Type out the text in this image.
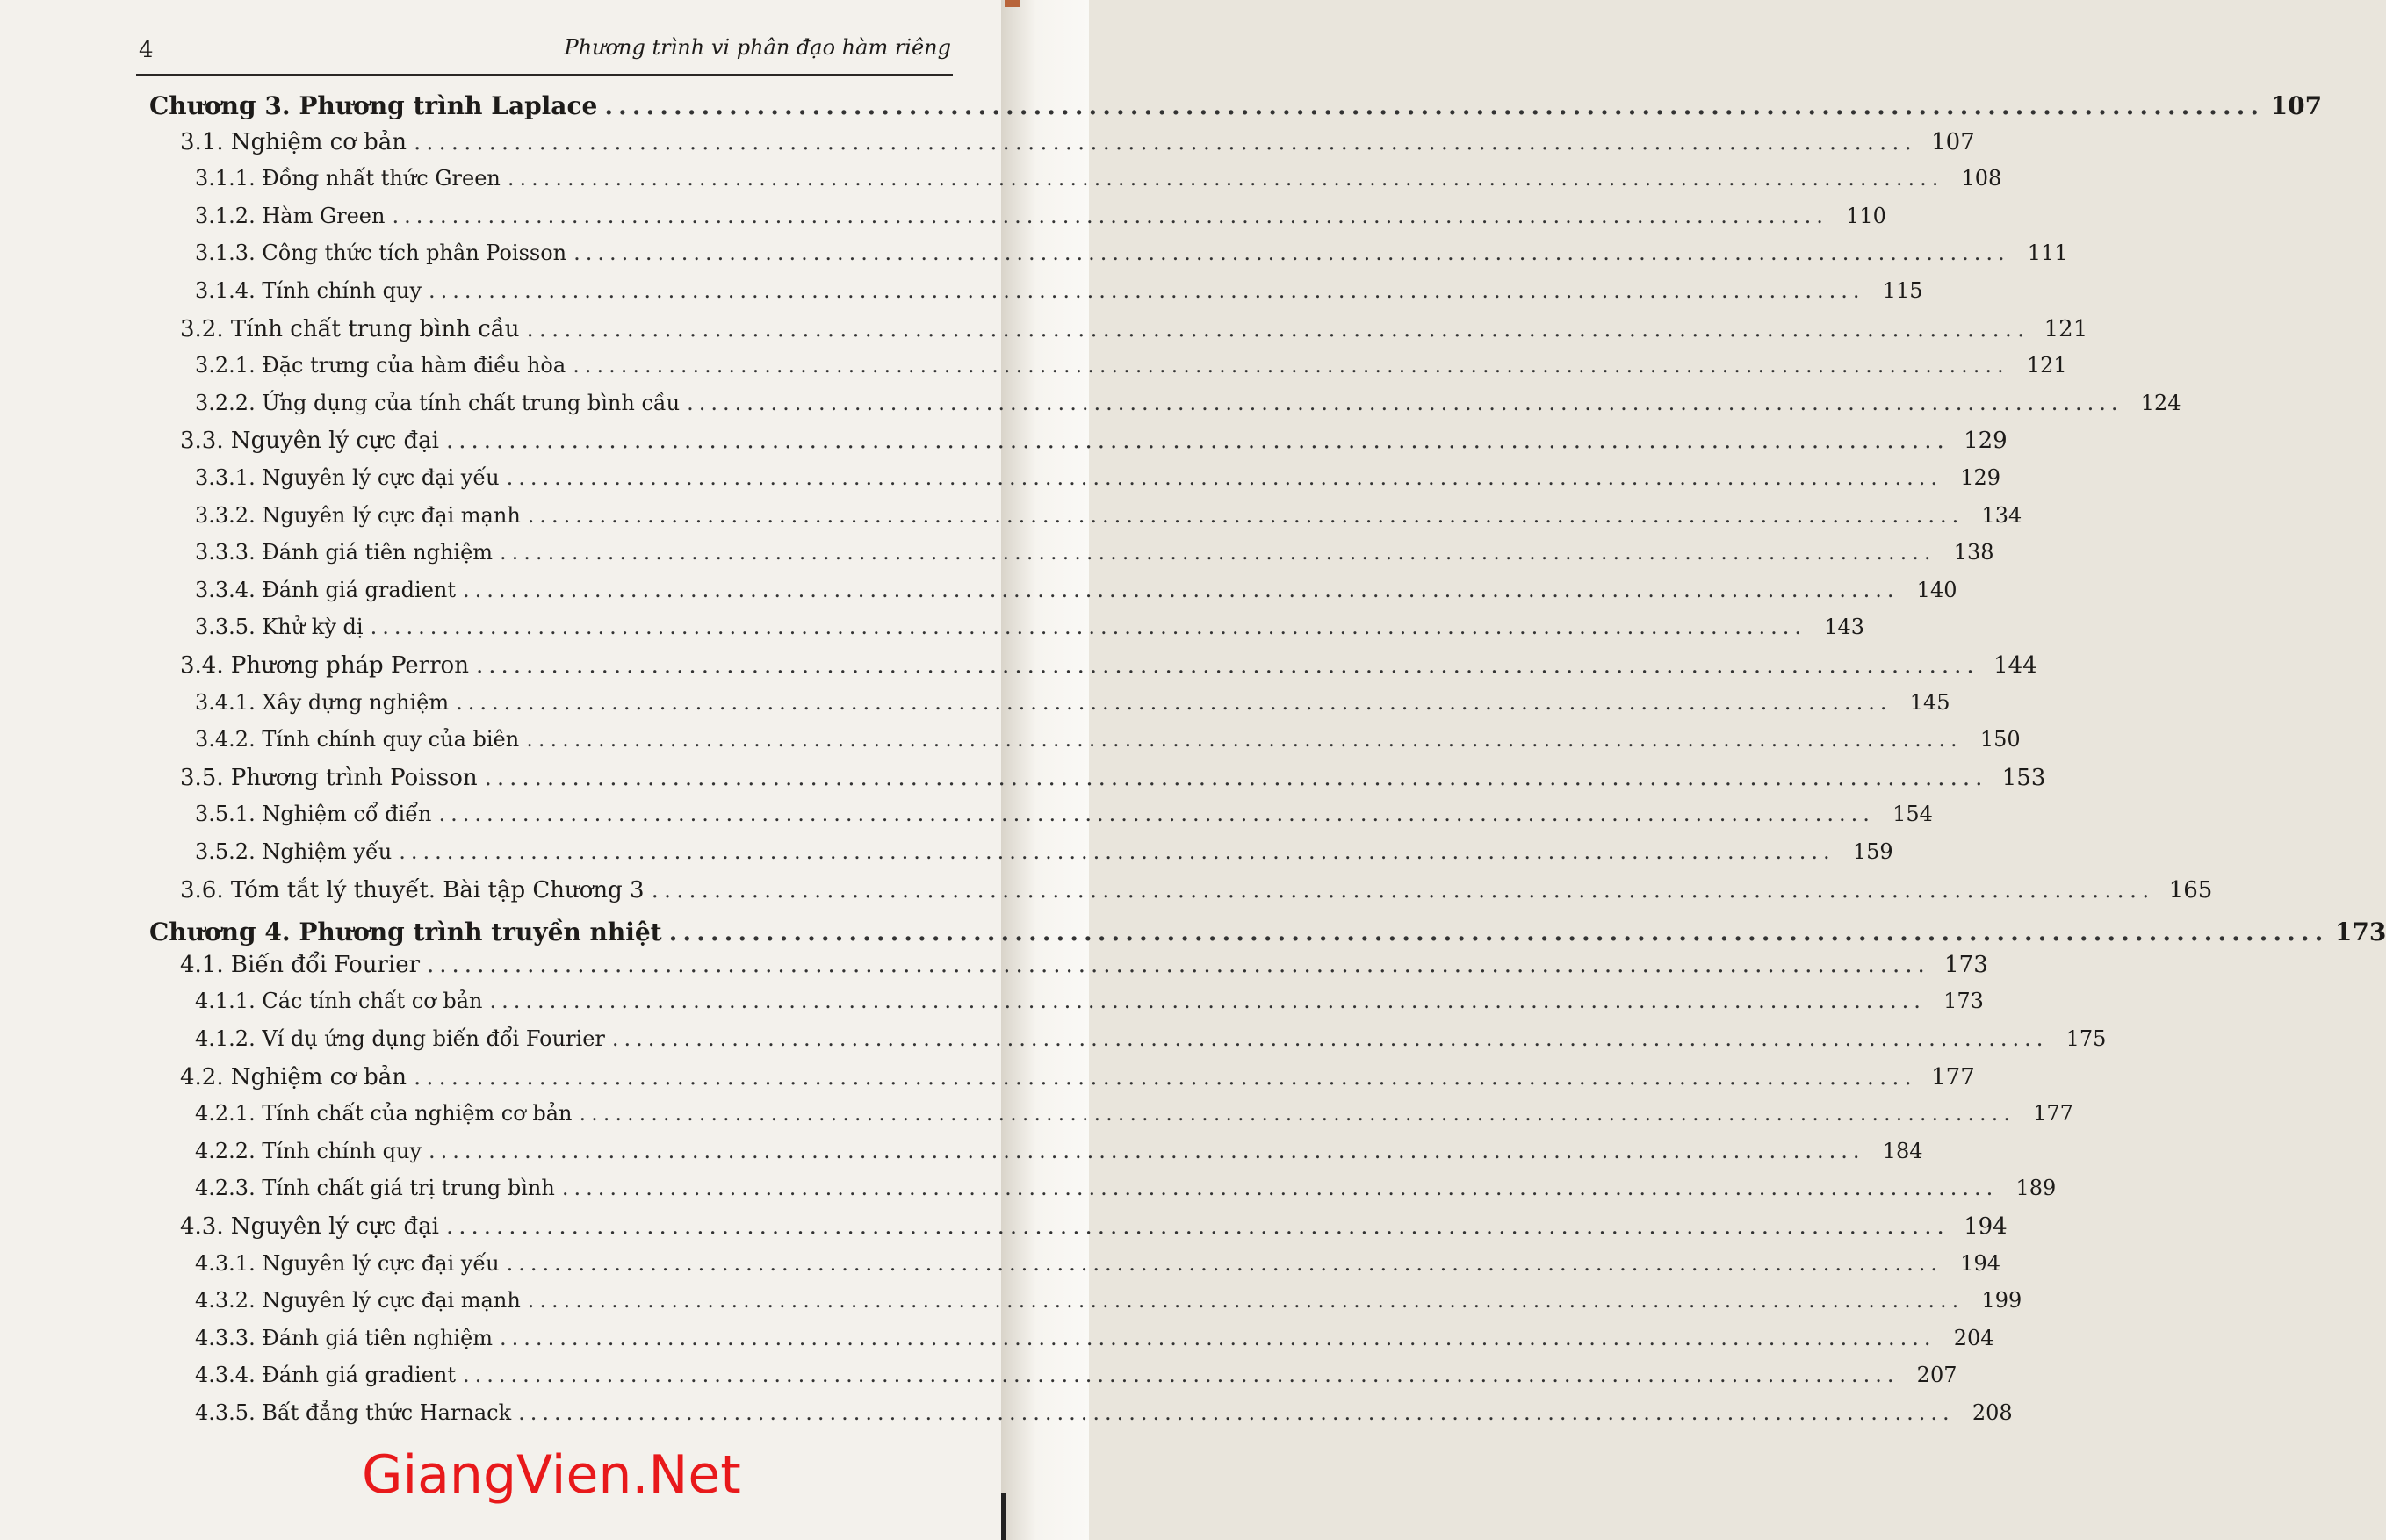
4	Phương trình vi phân đạo hàm riêng
Chương 3. Phương trình Laplace ........................................................................................................................ 107
3.1. Nghiệm cơ bản ........................................................................................................................ 107
3.1.1. Đồng nhất thức Green ........................................................................................................................ 108
3.1.2. Hàm Green ........................................................................................................................ 110
3.1.3. Công thức tích phân Poisson ........................................................................................................................ 111
3.1.4. Tính chính quy ........................................................................................................................ 115
3.2. Tính chất trung bình cầu ........................................................................................................................ 121
3.2.1. Đặc trưng của hàm điều hòa ........................................................................................................................ 121
3.2.2. Ứng dụng của tính chất trung bình cầu ........................................................................................................................ 124
3.3. Nguyên lý cực đại ........................................................................................................................ 129
3.3.1. Nguyên lý cực đại yếu ........................................................................................................................ 129
3.3.2. Nguyên lý cực đại mạnh ........................................................................................................................ 134
3.3.3. Đánh giá tiên nghiệm ........................................................................................................................ 138
3.3.4. Đánh giá gradient ........................................................................................................................ 140
3.3.5. Khử kỳ dị ........................................................................................................................ 143
3.4. Phương pháp Perron ........................................................................................................................ 144
3.4.1. Xây dựng nghiệm ........................................................................................................................ 145
3.4.2. Tính chính quy của biên ........................................................................................................................ 150
3.5. Phương trình Poisson ........................................................................................................................ 153
3.5.1. Nghiệm cổ điển ........................................................................................................................ 154
3.5.2. Nghiệm yếu ........................................................................................................................ 159
3.6. Tóm tắt lý thuyết. Bài tập Chương 3 ........................................................................................................................ 165
Chương 4. Phương trình truyền nhiệt ........................................................................................................................ 173
4.1. Biến đổi Fourier ........................................................................................................................ 173
4.1.1. Các tính chất cơ bản ........................................................................................................................ 173
4.1.2. Ví dụ ứng dụng biến đổi Fourier ........................................................................................................................ 175
4.2. Nghiệm cơ bản ........................................................................................................................ 177
4.2.1. Tính chất của nghiệm cơ bản ........................................................................................................................ 177
4.2.2. Tính chính quy ........................................................................................................................ 184
4.2.3. Tính chất giá trị trung bình ........................................................................................................................ 189
4.3. Nguyên lý cực đại ........................................................................................................................ 194
4.3.1. Nguyên lý cực đại yếu ........................................................................................................................ 194
4.3.2. Nguyên lý cực đại mạnh ........................................................................................................................ 199
4.3.3. Đánh giá tiên nghiệm ........................................................................................................................ 204
4.3.4. Đánh giá gradient ........................................................................................................................ 207
4.3.5. Bất đẳng thức Harnack ........................................................................................................................ 208
GiangVien.Net
